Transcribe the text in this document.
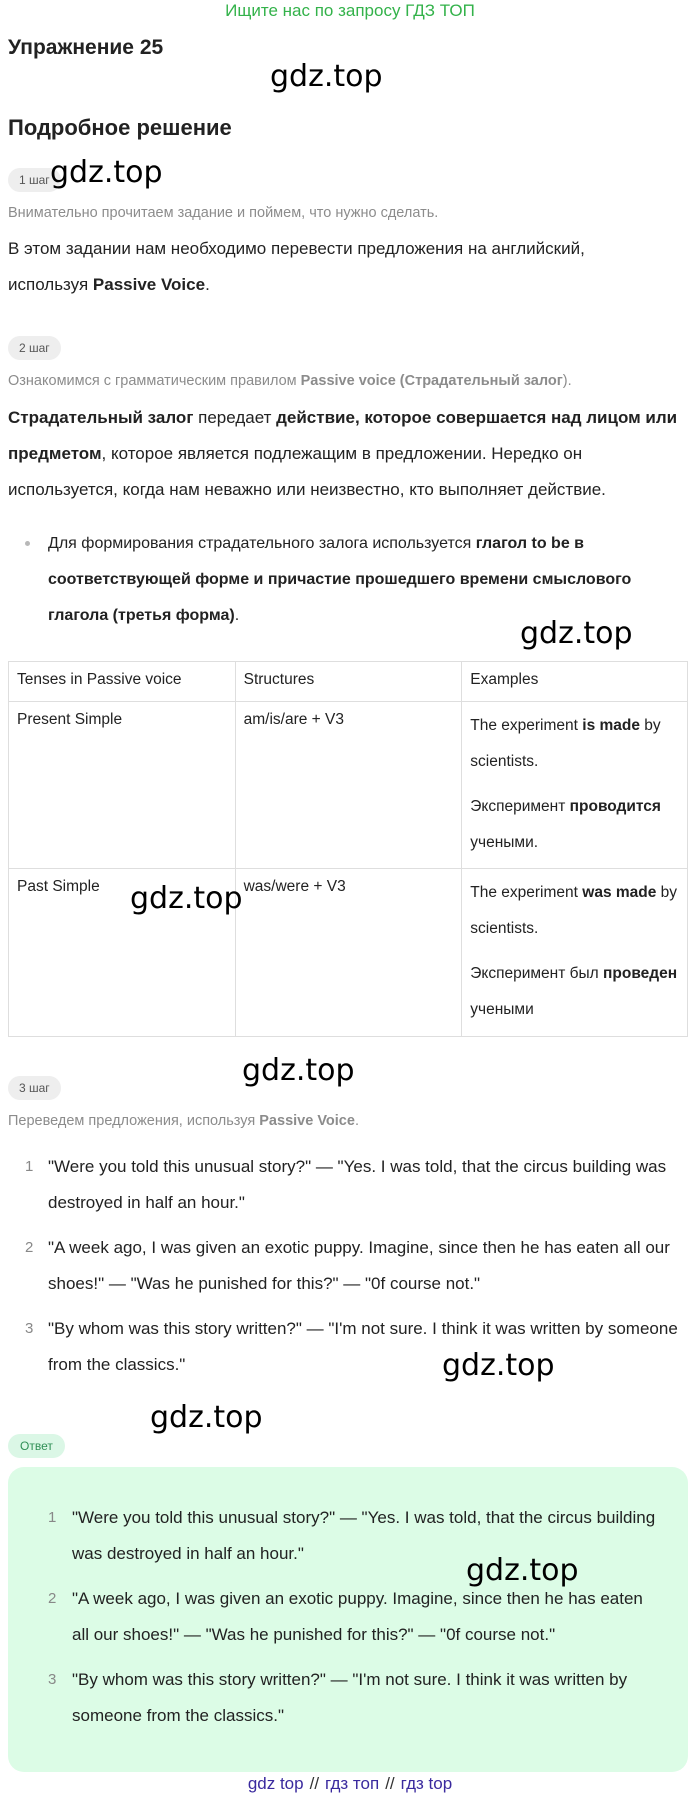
Ищите нас по запросу ГДЗ ТОП
Упражнение 25
gdz.top
Подробное решение
1 шаг gdz.top
Внимательно прочитаем задание и поймем, что нужно сделать.
В этом задании нам необходимо перевести предложения на английский, используя Passive Voice.
2 шаг
Ознакомимся с грамматическим правилом Passive voice (Страдательный залог).
Страдательный залог передает действие, которое совершается над лицом или предметом, которое является подлежащим в предложении. Нередко он используется, когда нам неважно или неизвестно, кто выполняет действие.
Для формирования страдательного залога используется глагол to be в соответствующей форме и причастие прошедшего времени смыслового глагола (третья форма).
gdz.top
Tenses in Passive voice	Structures	Examples
Present Simple	am/is/are + V3	The experiment is made by scientists.

Эксперимент проводится учеными.

Past Simple	was/were + V3	The experiment was made by scientists.

Эксперимент был проведен учеными

gdz.top
3 шаг	gdz.top
Переведем предложения, используя Passive Voice.
1 "Were you told this unusual story?" — "Yes. I was told, that the circus building was destroyed in half an hour."
2 "A week ago, I was given an exotic puppy. Imagine, since then he has eaten all our shoes!" — "Was he punished for this?" — "0f course not."
3 "By whom was this story written?" — "I'm not sure. I think it was written by someone from the classics."	gdz.top
gdz.top
Ответ
1 "Were you told this unusual story?" — "Yes. I was told, that the circus building was destroyed in half an hour."
2 "A week ago, I was given an exotic puppy. Imagine, since then he has eaten all our shoes!" — "Was he punished for this?" — "0f course not."
3 "By whom was this story written?" — "I'm not sure. I think it was written by someone from the classics."
gdz.top
gdz top // гдз топ // гдз top
